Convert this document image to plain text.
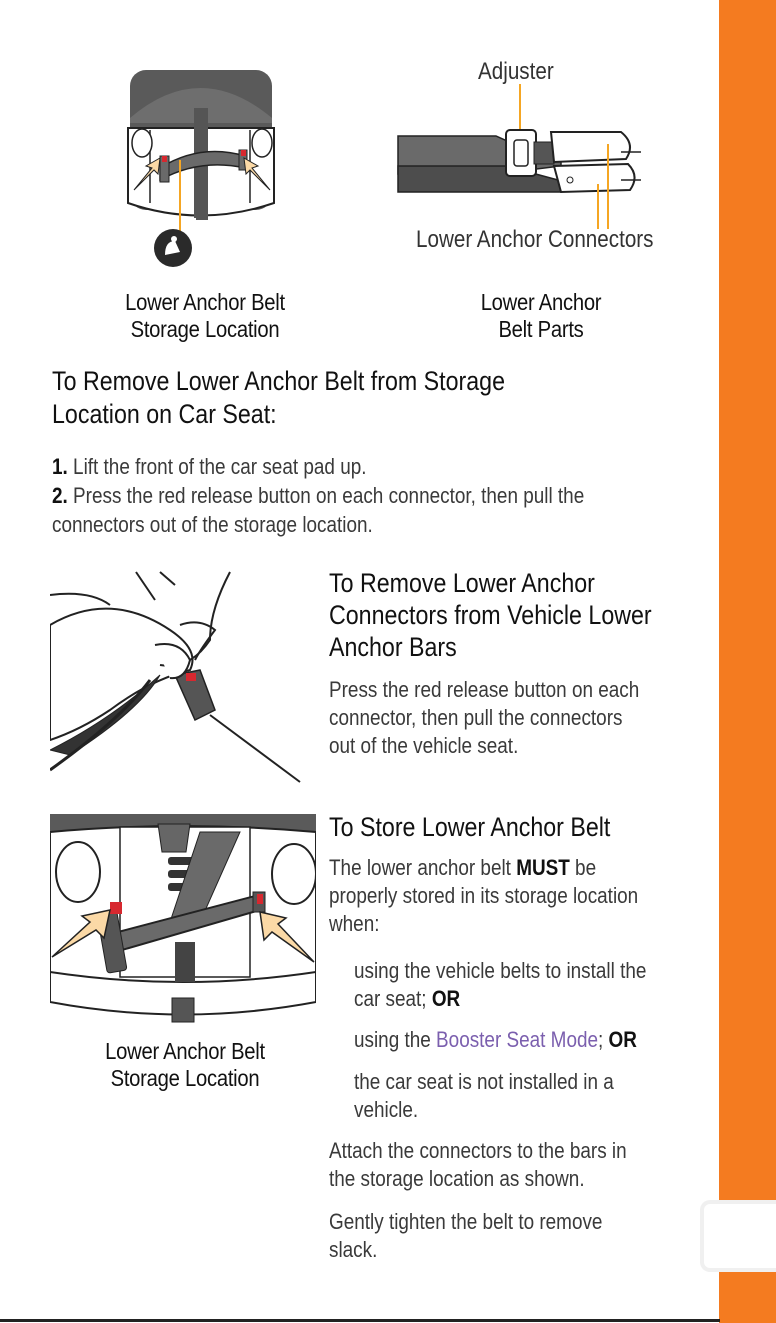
Lower Anchor Belt
Storage Location
Adjuster
Lower Anchor Connectors
Lower Anchor
Belt Parts
To Remove Lower Anchor Belt from Storage
Location on Car Seat:
1. Lift the front of the car seat pad up.
2. Press the red release button on each connector, then pull the
connectors out of the storage location.
To Remove Lower Anchor
Connectors from Vehicle Lower
Anchor Bars
Press the red release button on each
connector, then pull the connectors
out of the vehicle seat.
Lower Anchor Belt
Storage Location
To Store Lower Anchor Belt
The lower anchor belt MUST be
properly stored in its storage location
when:
using the vehicle belts to install the
car seat; OR
using the Booster Seat Mode; OR
the car seat is not installed in a
vehicle.
Attach the connectors to the bars in
the storage location as shown.
Gently tighten the belt to remove
slack.
